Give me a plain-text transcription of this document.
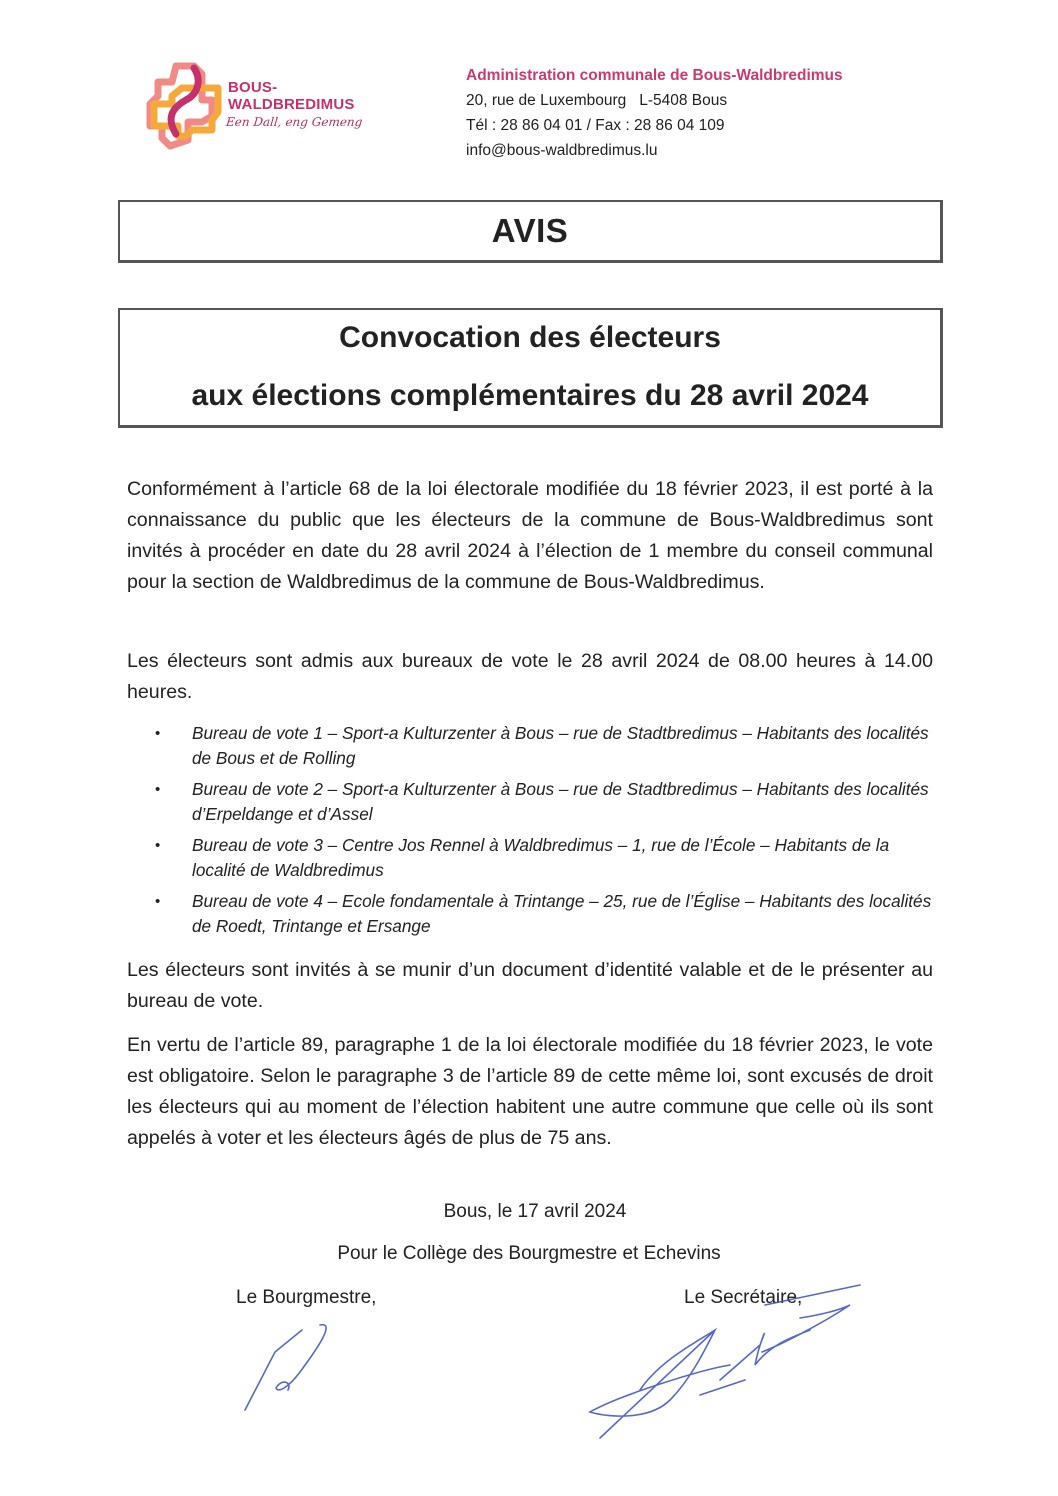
BOUS-
WALDBREDIMUS
Een Dall, eng Gemeng
Administration communale de Bous-Waldbredimus
20, rue de Luxembourg   L-5408 Bous
Tél : 28 86 04 01 / Fax : 28 86 04 109
info@bous-waldbredimus.lu
AVIS
Convocation des électeurs
aux élections complémentaires du 28 avril 2024
Conformément à l’article 68 de la loi électorale modifiée du 18 février 2023, il est porté à la connaissance du public que les électeurs de la commune de Bous-Waldbredimus sont invités à procéder en date du 28 avril 2024 à l’élection de 1 membre du conseil communal pour la section de Waldbredimus de la commune de Bous-Waldbredimus.
Les électeurs sont admis aux bureaux de vote le 28 avril 2024 de 08.00 heures à 14.00 heures.
• Bureau de vote 1 – Sport-a Kulturzenter à Bous – rue de Stadtbredimus – Habitants des localités de Bous et de Rolling
• Bureau de vote 2 – Sport-a Kulturzenter à Bous – rue de Stadtbredimus – Habitants des localités d’Erpeldange et d’Assel
• Bureau de vote 3 – Centre Jos Rennel à Waldbredimus – 1, rue de l’École – Habitants de la localité de Waldbredimus
• Bureau de vote 4 – Ecole fondamentale à Trintange – 25, rue de l’Église – Habitants des localités de Roedt, Trintange et Ersange
Les électeurs sont invités à se munir d’un document d’identité valable et de le présenter au bureau de vote.
En vertu de l’article 89, paragraphe 1 de la loi électorale modifiée du 18 février 2023, le vote est obligatoire. Selon le paragraphe 3 de l’article 89 de cette même loi, sont excusés de droit les électeurs qui au moment de l’élection habitent une autre commune que celle où ils sont appelés à voter et les électeurs âgés de plus de 75 ans.
Bous, le 17 avril 2024
Pour le Collège des Bourgmestre et Echevins
Le Bourgmestre,	Le Secrétaire,
